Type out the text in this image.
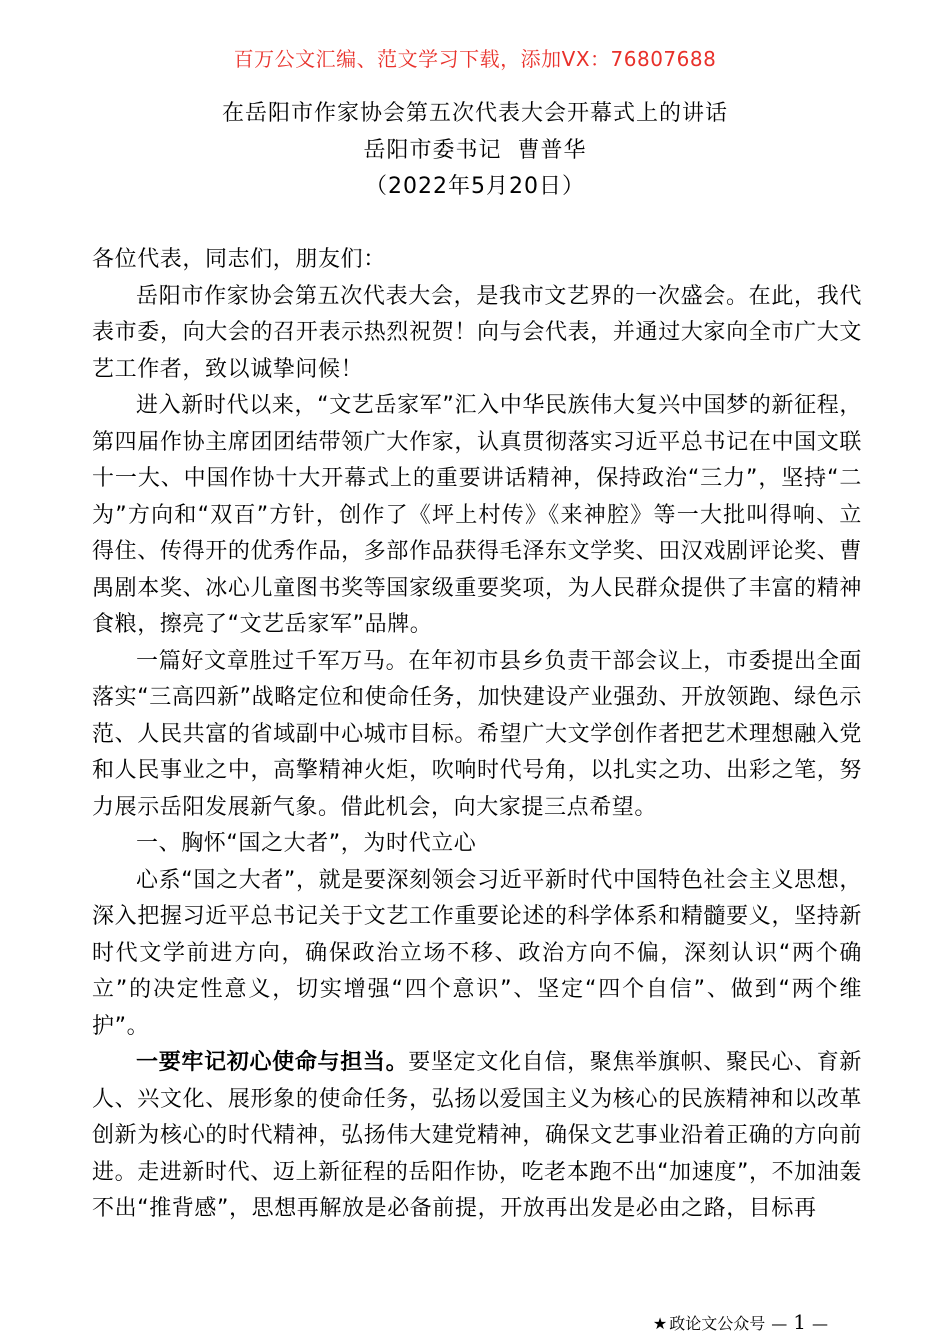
百万公文汇编、范文学习下载，添加VX：76807688
在岳阳市作家协会第五次代表大会开幕式上的讲话
岳阳市委书记  曹普华
（2022年5月20日）

各位代表，同志们，朋友们：

岳阳市作家协会第五次代表大会，是我市文艺界的一次盛会。在此，我代表市委，向大会的召开表示热烈祝贺！向与会代表，并通过大家向全市广大文艺工作者，致以诚挚问候！

进入新时代以来，“文艺岳家军”汇入中华民族伟大复兴中国梦的新征程，第四届作协主席团团结带领广大作家，认真贯彻落实习近平总书记在中国文联十一大、中国作协十大开幕式上的重要讲话精神，保持政治“三力”，坚持“二为”方向和“双百”方针，创作了《坪上村传》《来神腔》等一大批叫得响、立得住、传得开的优秀作品，多部作品获得毛泽东文学奖、田汉戏剧评论奖、曹禺剧本奖、冰心儿童图书奖等国家级重要奖项，为人民群众提供了丰富的精神食粮，擦亮了“文艺岳家军”品牌。

一篇好文章胜过千军万马。在年初市县乡负责干部会议上，市委提出全面落实“三高四新”战略定位和使命任务，加快建设产业强劲、开放领跑、绿色示范、人民共富的省域副中心城市目标。希望广大文学创作者把艺术理想融入党和人民事业之中，高擎精神火炬，吹响时代号角，以扎实之功、出彩之笔，努力展示岳阳发展新气象。借此机会，向大家提三点希望。

一、胸怀“国之大者”，为时代立心

心系“国之大者”，就是要深刻领会习近平新时代中国特色社会主义思想，深入把握习近平总书记关于文艺工作重要论述的科学体系和精髓要义，坚持新时代文学前进方向，确保政治立场不移、政治方向不偏，深刻认识“两个确立”的决定性意义，切实增强“四个意识”、坚定“四个自信”、做到“两个维护”。

一要牢记初心使命与担当。要坚定文化自信，聚焦举旗帜、聚民心、育新人、兴文化、展形象的使命任务，弘扬以爱国主义为核心的民族精神和以改革创新为核心的时代精神，弘扬伟大建党精神，确保文艺事业沿着正确的方向前进。走进新时代、迈上新征程的岳阳作协，吃老本跑不出“加速度”，不加油轰不出“推背感”，思想再解放是必备前提，开放再出发是必由之路，目标再

★ 政论文公众号 — 1 —
